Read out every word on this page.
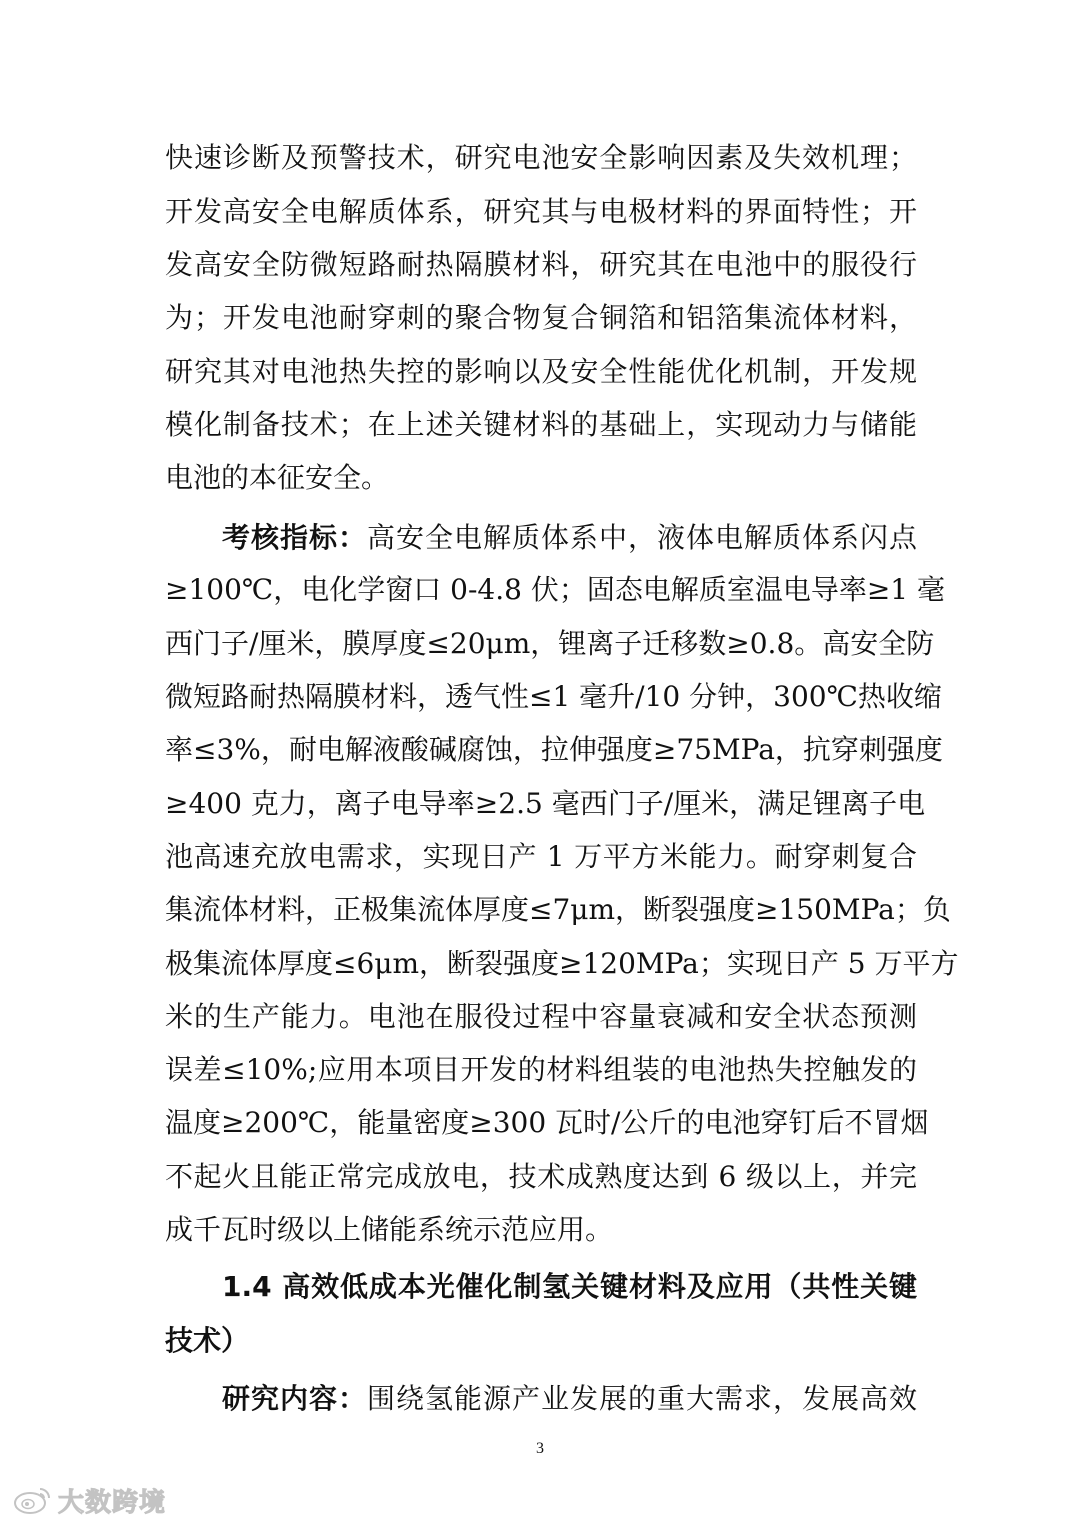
快速诊断及预警技术，研究电池安全影响因素及失效机理；
开发高安全电解质体系，研究其与电极材料的界面特性；开
发高安全防微短路耐热隔膜材料，研究其在电池中的服役行
为；开发电池耐穿刺的聚合物复合铜箔和铝箔集流体材料，
研究其对电池热失控的影响以及安全性能优化机制，开发规
模化制备技术；在上述关键材料的基础上，实现动力与储能
电池的本征安全。
考核指标：高安全电解质体系中，液体电解质体系闪点
≥100℃，电化学窗口 0-4.8 伏；固态电解质室温电导率≥1 毫
西门子/厘米，膜厚度≤20μm，锂离子迁移数≥0.8。高安全防
微短路耐热隔膜材料，透气性≤1 毫升/10 分钟，300℃热收缩
率≤3%，耐电解液酸碱腐蚀，拉伸强度≥75MPa，抗穿刺强度
≥400 克力，离子电导率≥2.5 毫西门子/厘米，满足锂离子电
池高速充放电需求，实现日产 1 万平方米能力。耐穿刺复合
集流体材料，正极集流体厚度≤7μm，断裂强度≥150MPa；负
极集流体厚度≤6μm，断裂强度≥120MPa；实现日产 5 万平方
米的生产能力。电池在服役过程中容量衰减和安全状态预测
误差≤10%;应用本项目开发的材料组装的电池热失控触发的
温度≥200℃，能量密度≥300 瓦时/公斤的电池穿钉后不冒烟
不起火且能正常完成放电，技术成熟度达到 6 级以上，并完
成千瓦时级以上储能系统示范应用。
1.4 高效低成本光催化制氢关键材料及应用（共性关键
技术）
研究内容：围绕氢能源产业发展的重大需求，发展高效
3
大数跨境
